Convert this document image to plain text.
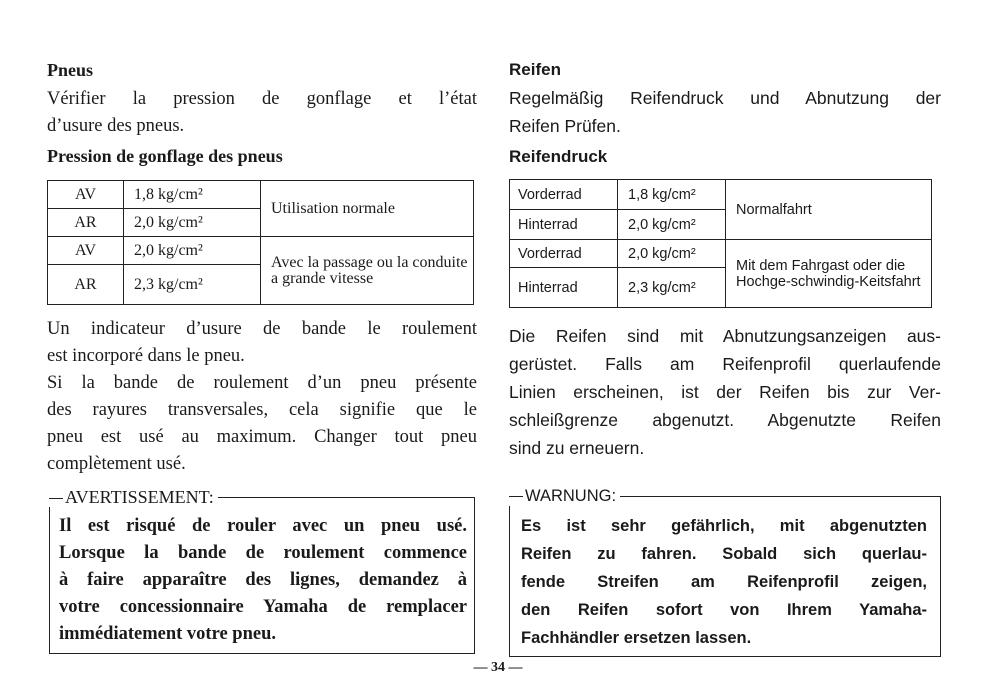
Pneus
Vérifier la pression de gonflage et l’état
d’usure des pneus.
Pression de gonflage des pneus
AV	1,8 kg/cm²	Utilisation normale
AR	2,0 kg/cm²	
AV	2,0 kg/cm²	Avec la passage ou la conduite a grande vitesse
AR	2,3 kg/cm²	
Un indicateur d’usure de bande le roulement
est incorporé dans le pneu.
Si la bande de roulement d’un pneu présente
des rayures transversales, cela signifie que le
pneu est usé au maximum. Changer tout pneu
complètement usé.
AVERTISSEMENT:
Il est risqué de rouler avec un pneu usé.
Lorsque la bande de roulement commence
à faire apparaître des lignes, demandez à
votre concessionnaire Yamaha de remplacer
immédiatement votre pneu.
Reifen
Regelmäßig Reifendruck und Abnutzung der
Reifen Prüfen.
Reifendruck
Vorderrad	1,8 kg/cm²	Normalfahrt
Hinterrad	2,0 kg/cm²	
Vorderrad	2,0 kg/cm²	Mit dem Fahrgast oder die Hochge-schwindig-Keitsfahrt
Hinterrad	2,3 kg/cm²	
Die Reifen sind mit Abnutzungsanzeigen aus-
gerüstet. Falls am Reifenprofil querlaufende
Linien erscheinen, ist der Reifen bis zur Ver-
schleißgrenze abgenutzt. Abgenutzte Reifen
sind zu erneuern.
WARNUNG:
Es ist sehr gefährlich, mit abgenutzten
Reifen zu fahren. Sobald sich querlau-
fende Streifen am Reifenprofil zeigen,
den Reifen sofort von Ihrem Yamaha-
Fachhändler ersetzen lassen.
— 34 —
